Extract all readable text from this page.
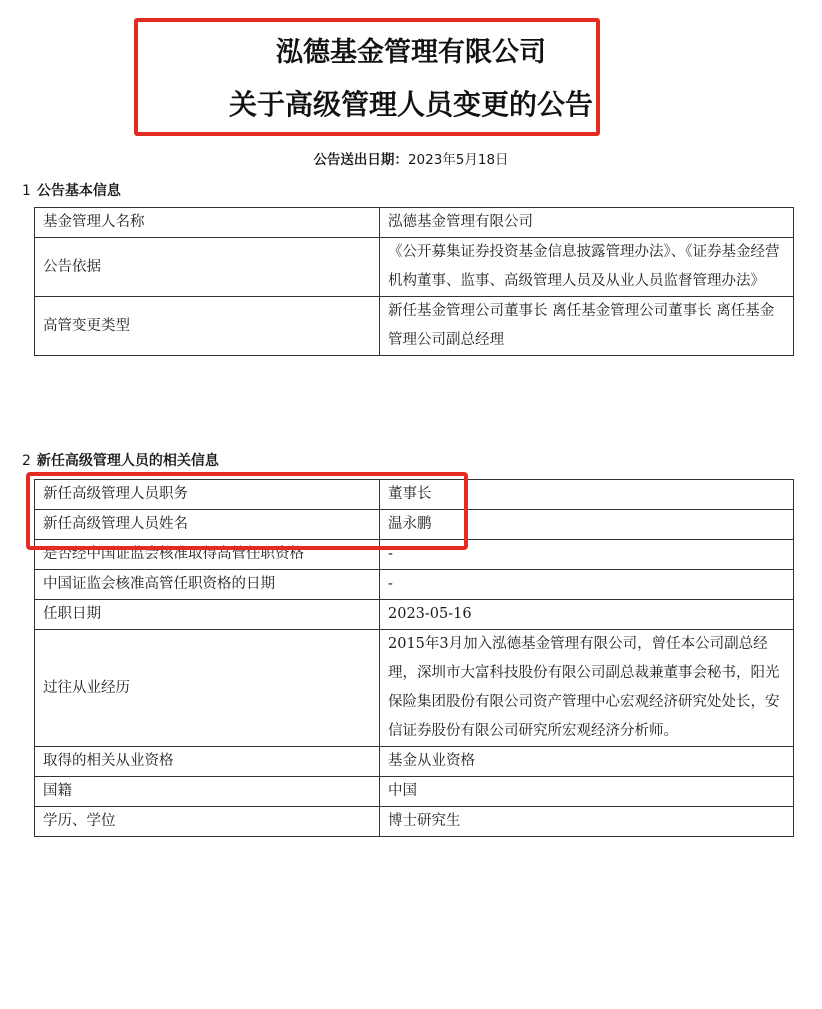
泓德基金管理有限公司
关于高级管理人员变更的公告
公告送出日期：2023年5月18日
1 公告基本信息
基金管理人名称	泓德基金管理有限公司
公告依据	《公开募集证券投资基金信息披露管理办法》、《证券基金经营机构董事、监事、高级管理人员及从业人员监督管理办法》
高管变更类型	新任基金管理公司董事长 离任基金管理公司董事长 离任基金管理公司副总经理
2 新任高级管理人员的相关信息
新任高级管理人员职务	董事长
新任高级管理人员姓名	温永鹏
是否经中国证监会核准取得高管任职资格	-
中国证监会核准高管任职资格的日期	-
任职日期	2023-05-16
过往从业经历	2015年3月加入泓德基金管理有限公司，曾任本公司副总经理，深圳市大富科技股份有限公司副总裁兼董事会秘书，阳光保险集团股份有限公司资产管理中心宏观经济研究处处长，安信证券股份有限公司研究所宏观经济分析师。
取得的相关从业资格	基金从业资格
国籍	中国
学历、学位	博士研究生
